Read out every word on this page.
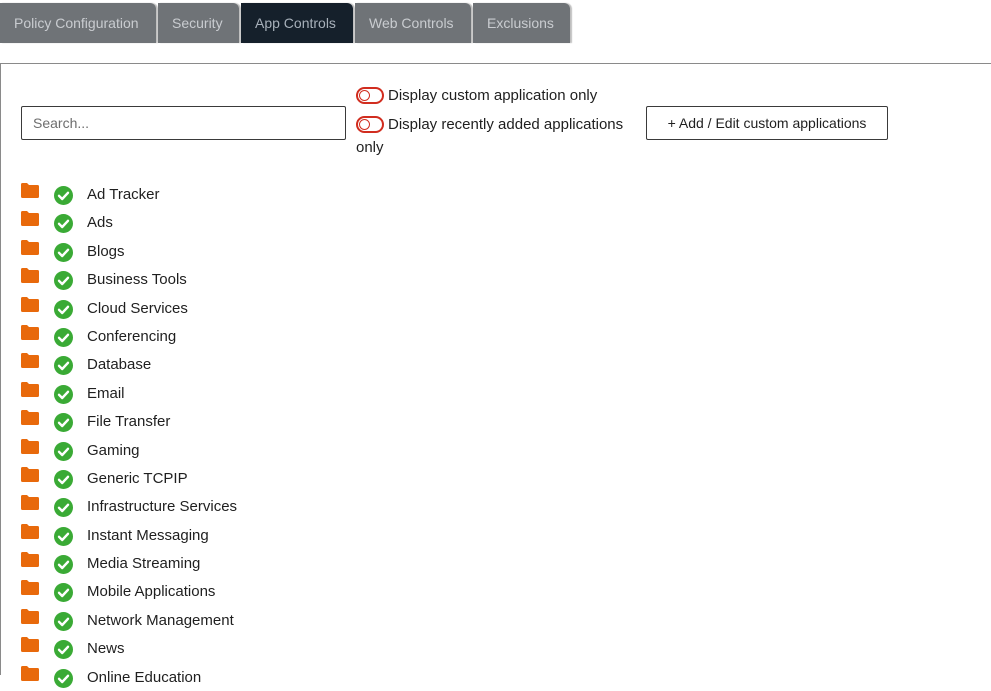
Policy Configuration	Security	App Controls	Web Controls	Exclusions
Search...
Display custom application only
Display recently added applications only
+ Add / Edit custom applications
Ad Tracker
Ads
Blogs
Business Tools
Cloud Services
Conferencing
Database
Email
File Transfer
Gaming
Generic TCPIP
Infrastructure Services
Instant Messaging
Media Streaming
Mobile Applications
Network Management
News
Online Education
